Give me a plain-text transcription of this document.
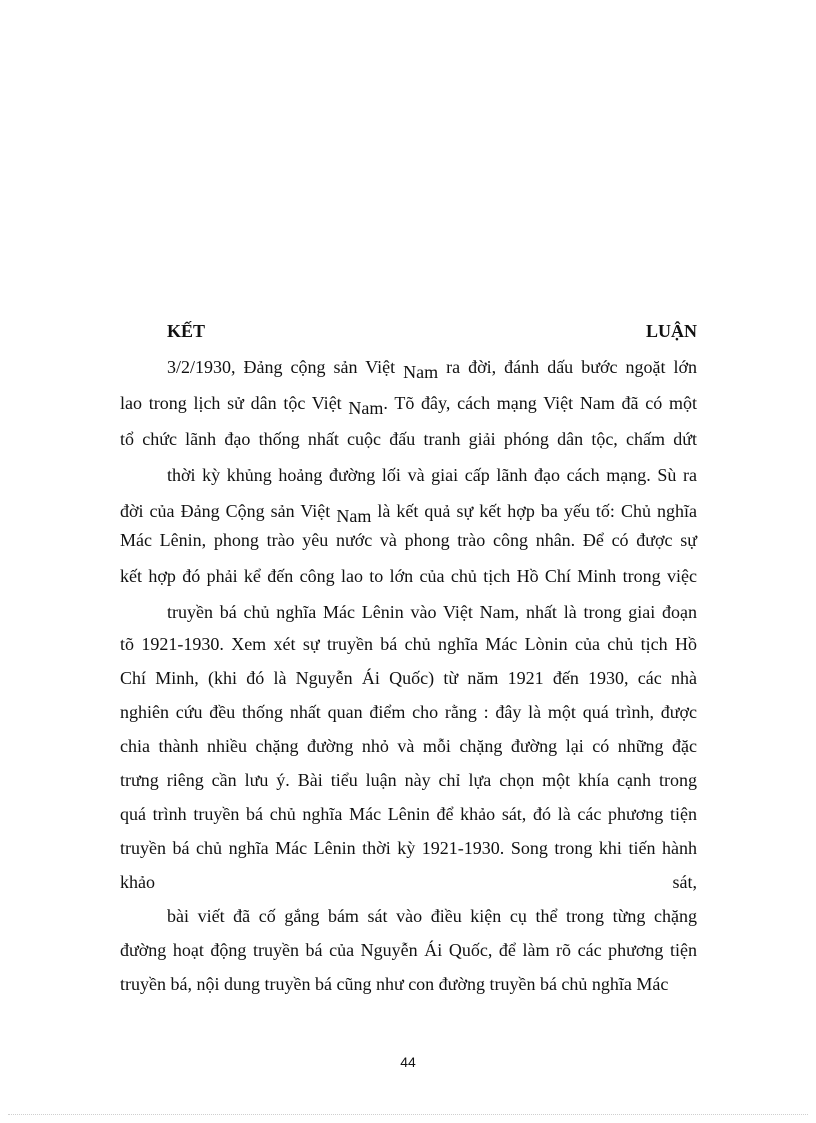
KẾT	LUẬN
3/2/1930, Đảng cộng sản Việt Nam ra đời, đánh dấu bước ngoặt lớn
lao trong lịch sử dân tộc Việt Nam. Tõ đây, cách mạng Việt Nam đã có một
tổ chức lãnh đạo thống nhất cuộc đấu tranh giải phóng dân tộc, chấm dứt
thời kỳ khủng hoảng đường lối và giai cấp lãnh đạo cách mạng. Sù ra
đời của Đảng Cộng sản Việt Nam là kết quả sự kết hợp ba yếu tố: Chủ nghĩa
Mác Lênin, phong trào yêu nước và phong trào công nhân. Để có được sự
kết hợp đó phải kể đến công lao to lớn của chủ tịch Hồ Chí Minh trong việc
truyền bá chủ nghĩa Mác Lênin vào Việt Nam, nhất là trong giai đoạn
tõ 1921-1930. Xem xét sự truyền bá chủ nghĩa Mác Lònin của chủ tịch Hồ
Chí Minh, (khi đó là Nguyễn Ái Quốc) từ năm 1921 đến 1930, các nhà
nghiên cứu đều thống nhất quan điểm cho rằng : đây là một quá trình, được
chia thành nhiều chặng đường nhỏ và mỗi chặng đường lại có những đặc
trưng riêng cần lưu ý. Bài tiểu luận này chỉ lựa chọn một khía cạnh trong
quá trình truyền bá chủ nghĩa Mác Lênin để khảo sát, đó là các phương tiện
truyền bá chủ nghĩa Mác Lênin thời kỳ 1921-1930. Song trong khi tiến hành
khảo	sát,
bài viết đã cố gắng bám sát vào điều kiện cụ thể trong từng chặng
đường hoạt động truyền bá của Nguyễn Ái Quốc, để làm rõ các phương tiện
truyền bá, nội dung truyền bá cũng như con đường truyền bá chủ nghĩa Mác
44
